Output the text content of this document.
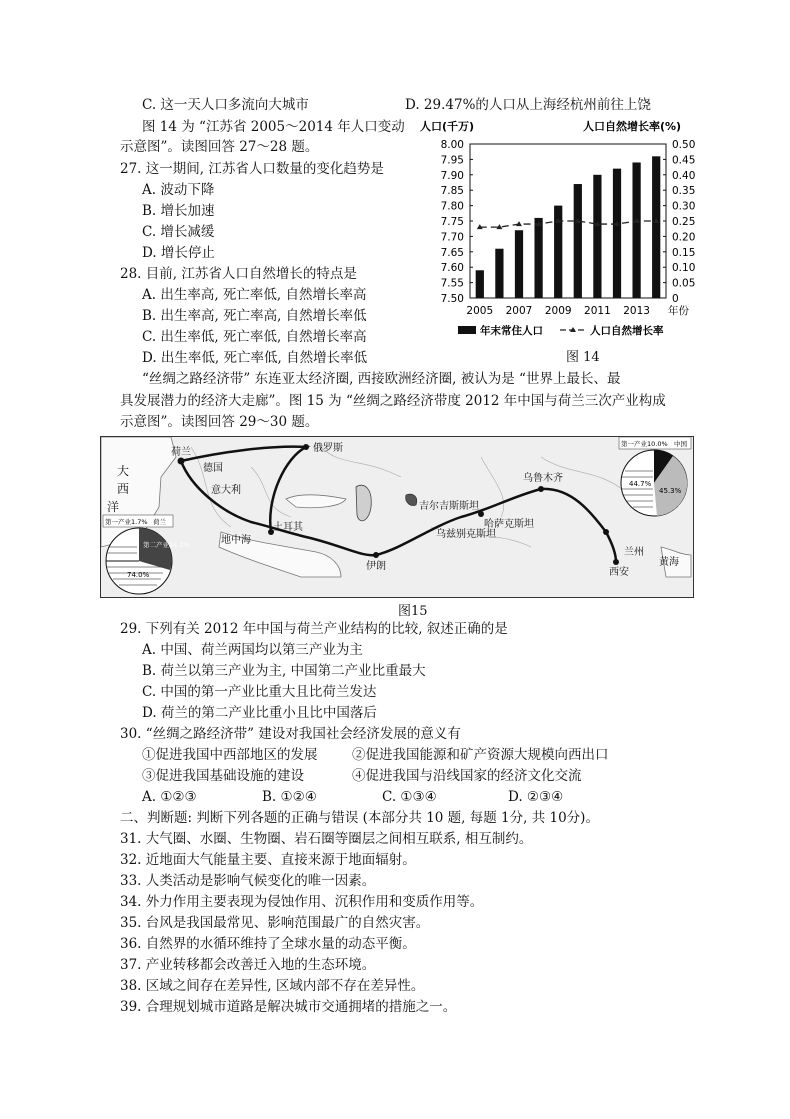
C. 这一天人口多流向大城市	D. 29.47%的人口从上海经杭州前往上饶
图 14 为 “江苏省 2005～2014 年人口变动
示意图”。读图回答 27～28 题。
27. 这一期间, 江苏省人口数量的变化趋势是
A. 波动下降
B. 增长加速
C. 增长减缓
D. 增长停止
28. 目前, 江苏省人口自然增长的特点是
A. 出生率高, 死亡率低, 自然增长率高
B. 出生率高, 死亡率高, 自然增长率低
C. 出生率低, 死亡率低, 自然增长率高
D. 出生率低, 死亡率低, 自然增长率低
人口(千万)	人口自然增长率(%)
8.00
7.95
7.90
7.85
7.80
7.75
7.70
7.65
7.60
7.55
7.50
0.50
0.45
0.40
0.35
0.30
0.25
0.20
0.15
0.10
0.05
0
2005 2007 2009 2011 2013 年份
年末常住人口	人口自然增长率
图 14
“丝绸之路经济带” 东连亚太经济圈, 西接欧洲经济圈, 被认为是 “世界上最长、最
具发展潜力的经济大走廊”。图 15 为 “丝绸之路经济带度 2012 年中国与荷兰三次产业构成
示意图”。读图回答 29～30 题。
荷兰	俄罗斯
德国
意大利
土耳其
伊朗
吉尔吉斯斯坦
哈萨克斯坦
乌兹别克斯坦
乌鲁木齐
兰州
西安
大
西
洋
地中海
黄海
第一产业1.7% 荷兰
第二产业24.3%
74.0%
第一产业10.0% 中国
45.3%
44.7%
图15
29. 下列有关 2012 年中国与荷兰产业结构的比较, 叙述正确的是
A. 中国、荷兰两国均以第三产业为主
B. 荷兰以第三产业为主, 中国第二产业比重最大
C. 中国的第一产业比重大且比荷兰发达
D. 荷兰的第二产业比重小且比中国落后
30. “丝绸之路经济带” 建设对我国社会经济发展的意义有
①促进我国中西部地区的发展	②促进我国能源和矿产资源大规模向西出口
③促进我国基础设施的建设	④促进我国与沿线国家的经济文化交流
A. ①②③	B. ①②④	C. ①③④	D. ②③④
二、判断题: 判断下列各题的正确与错误 (本部分共 10 题, 每题 1分, 共 10分)。
31. 大气圈、水圈、生物圈、岩石圈等圈层之间相互联系, 相互制约。
32. 近地面大气能量主要、直接来源于地面辐射。
33. 人类活动是影响气候变化的唯一因素。
34. 外力作用主要表现为侵蚀作用、沉积作用和变质作用等。
35. 台风是我国最常见、影响范围最广的自然灾害。
36. 自然界的水循环维持了全球水量的动态平衡。
37. 产业转移都会改善迁入地的生态环境。
38. 区域之间存在差异性, 区域内部不存在差异性。
39. 合理规划城市道路是解决城市交通拥堵的措施之一。
